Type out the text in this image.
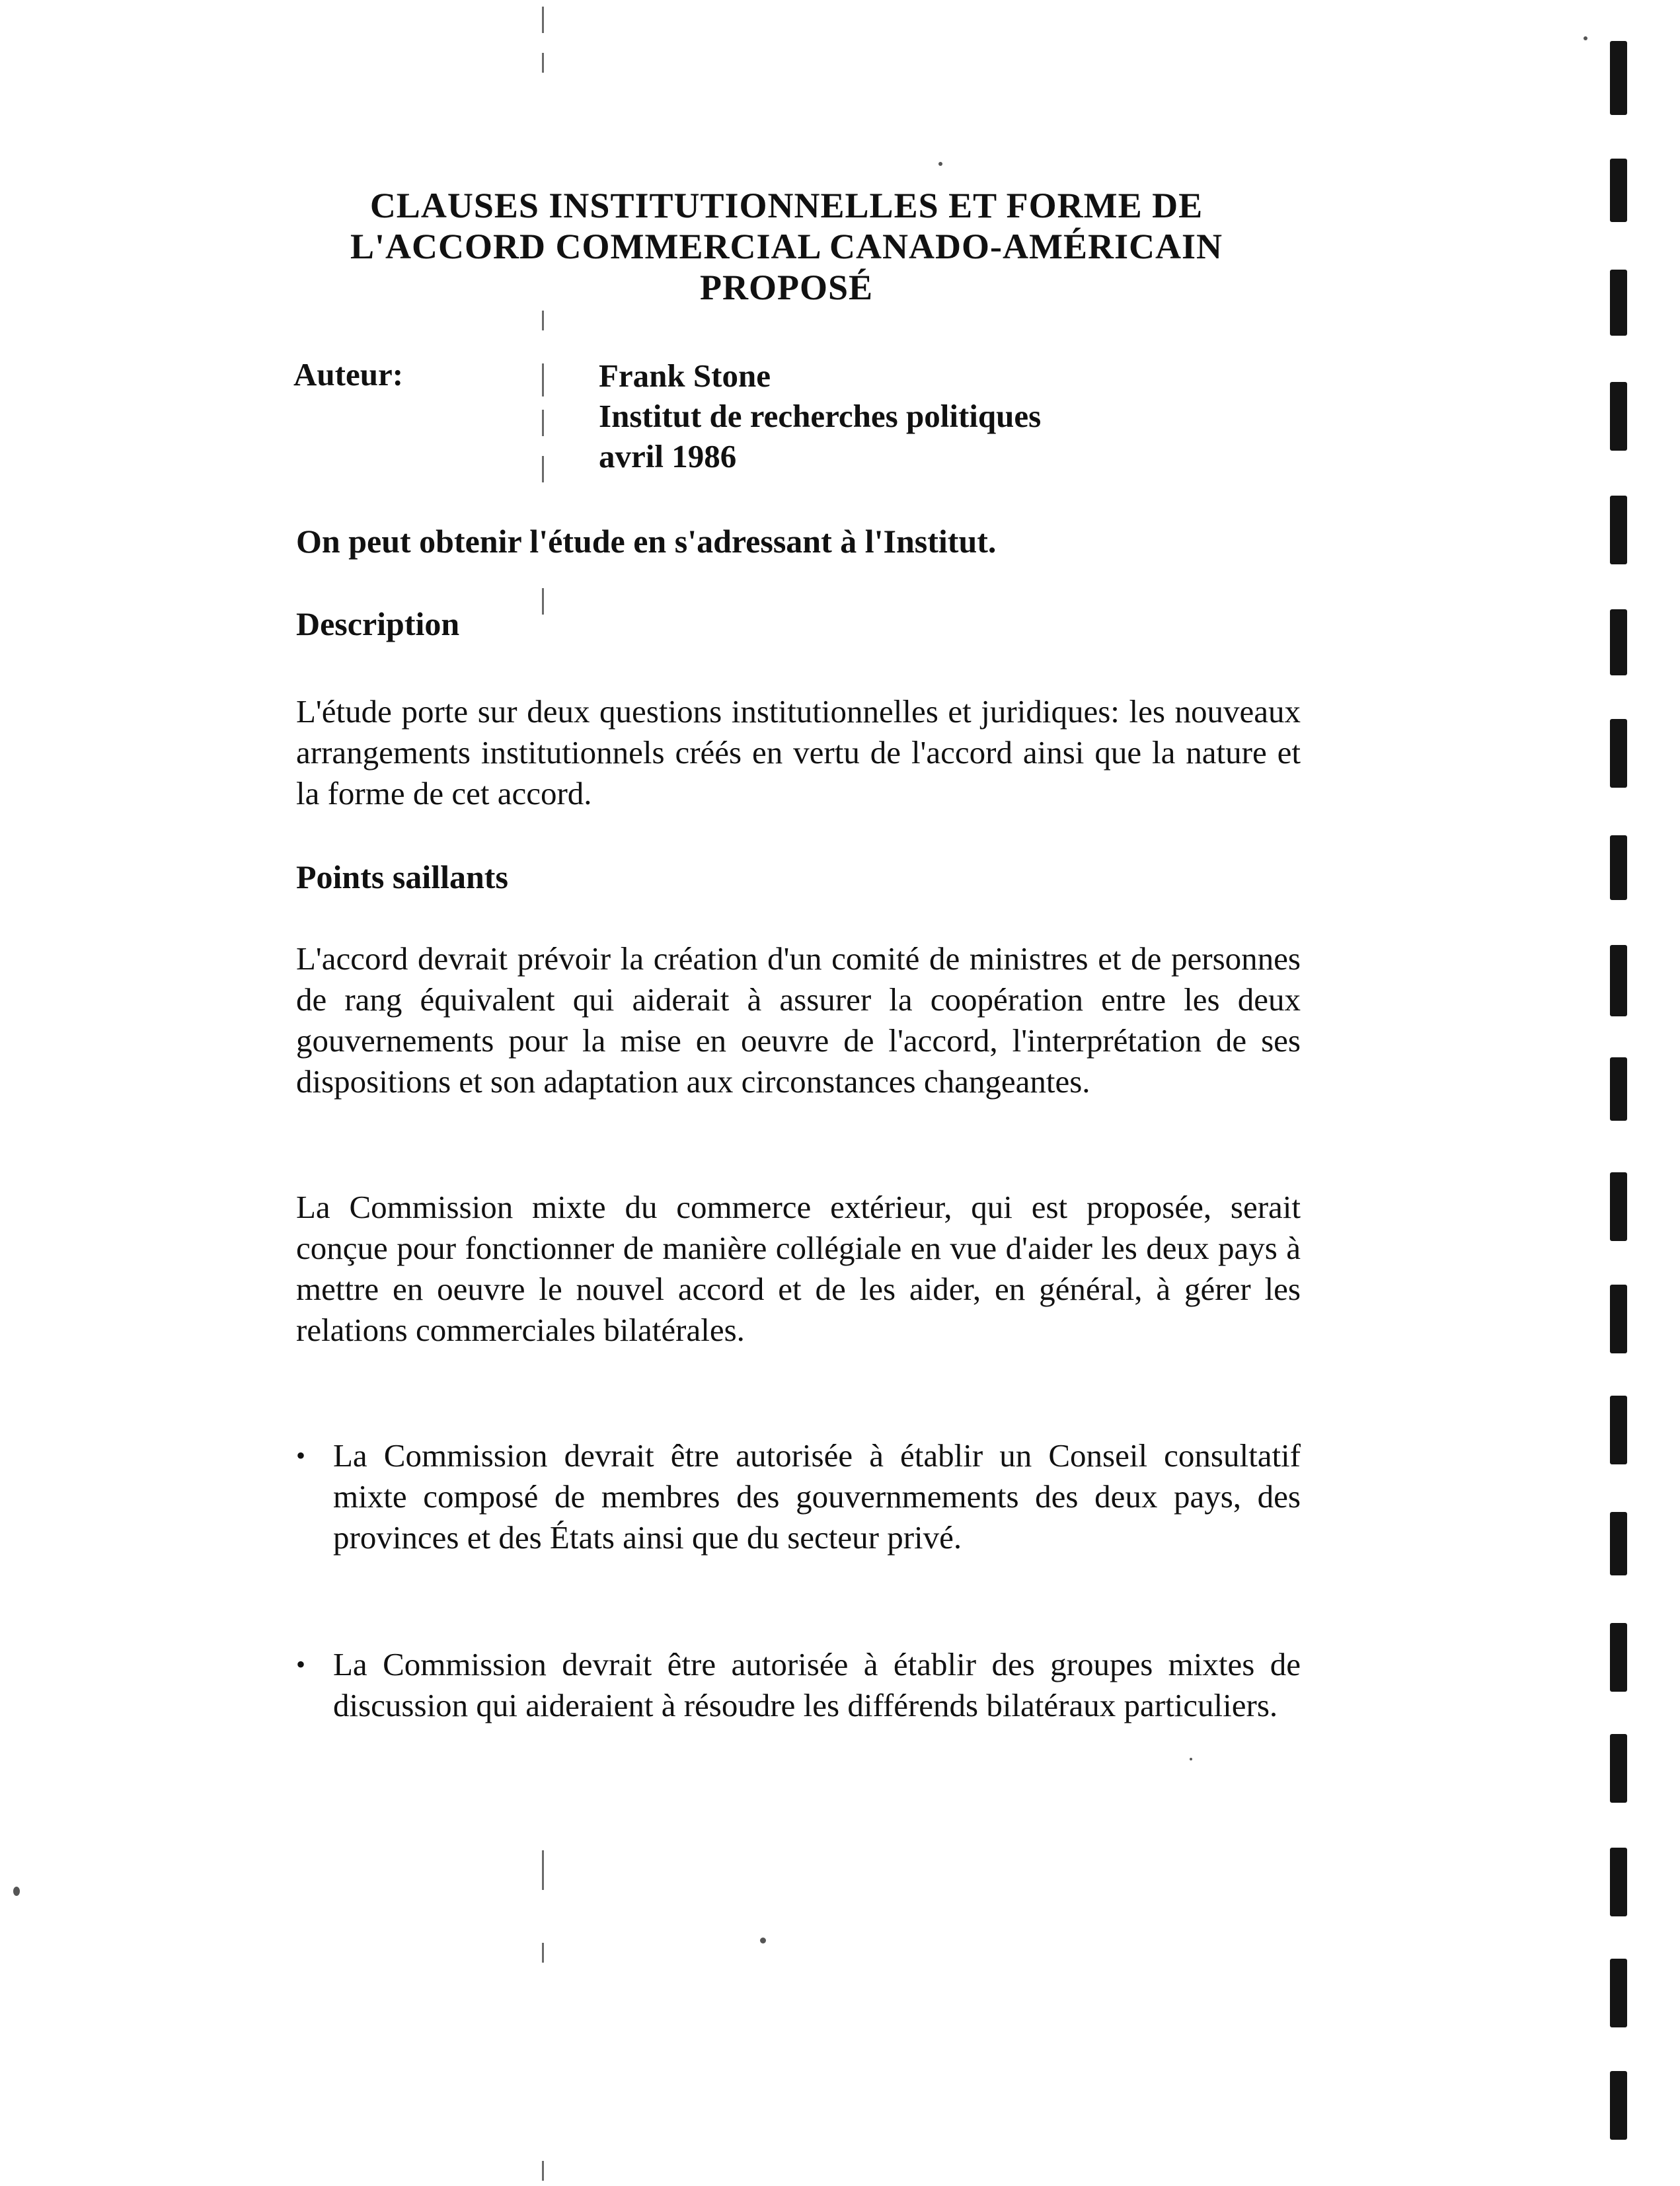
CLAUSES INSTITUTIONNELLES ET FORME DE
L'ACCORD COMMERCIAL CANADO-AMÉRICAIN
PROPOSÉ
Auteur:	Frank Stone
Institut de recherches politiques
avril 1986
On peut obtenir l'étude en s'adressant à l'Institut.
Description
L'étude porte sur deux questions institutionnelles et juridiques: les nouveaux arrangements institutionnels créés en vertu de l'accord ainsi que la nature et la forme de cet accord.
Points saillants
L'accord devrait prévoir la création d'un comité de ministres et de personnes de rang équivalent qui aiderait à assurer la coopération entre les deux gouvernements pour la mise en oeuvre de l'accord, l'interprétation de ses dispositions et son adaptation aux circonstances changeantes.
La Commission mixte du commerce extérieur, qui est proposée, serait conçue pour fonctionner de manière collégiale en vue d'aider les deux pays à mettre en oeuvre le nouvel accord et de les aider, en général, à gérer les relations commerciales bilatérales.
• La Commission devrait être autorisée à établir un Conseil consultatif mixte composé de membres des gouvernmements des deux pays, des provinces et des États ainsi que du secteur privé.
• La Commission devrait être autorisée à établir des groupes mixtes de discussion qui aideraient à résoudre les différends bilatéraux particuliers.
